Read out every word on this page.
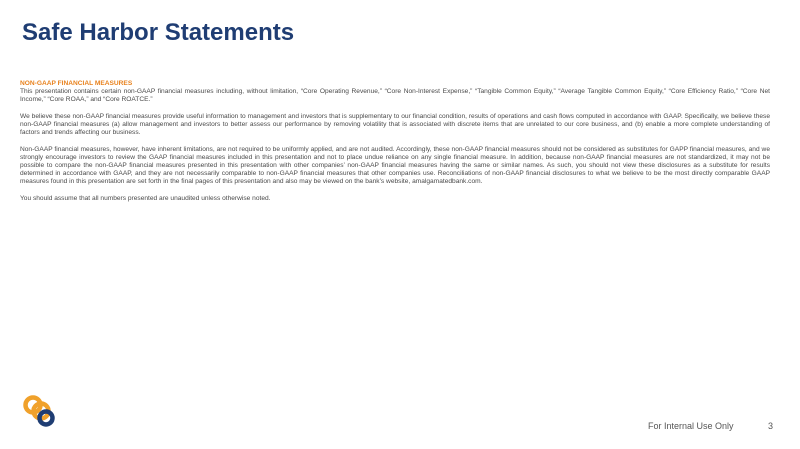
Safe Harbor Statements

NON-GAAP FINANCIAL MEASURES
This presentation contains certain non-GAAP financial measures including, without limitation, “Core Operating Revenue,” “Core Non-Interest Expense,” “Tangible Common Equity,” “Average Tangible Common Equity,” “Core Efficiency Ratio,” “Core Net Income,” “Core ROAA,” and “Core ROATCE.”

We believe these non-GAAP financial measures provide useful information to management and investors that is supplementary to our financial condition, results of operations and cash flows computed in accordance with GAAP. Specifically, we believe these non-GAAP financial measures (a) allow management and investors to better assess our performance by removing volatility that is associated with discrete items that are unrelated to our core business, and (b) enable a more complete understanding of factors and trends affecting our business.

Non-GAAP financial measures, however, have inherent limitations, are not required to be uniformly applied, and are not audited. Accordingly, these non-GAAP financial measures should not be considered as substitutes for GAPP financial measures, and we strongly encourage investors to review the GAAP financial measures included in this presentation and not to place undue reliance on any single financial measure. In addition, because non-GAAP financial measures are not standardized, it may not be possible to compare the non-GAAP financial measures presented in this presentation with other companies’ non-GAAP financial measures having the same or similar names. As such, you should not view these disclosures as a substitute for results determined in accordance with GAAP, and they are not necessarily comparable to non-GAAP financial measures that other companies use. Reconciliations of non-GAAP financial disclosures to what we believe to be the most directly comparable GAAP measures found in this presentation are set forth in the final pages of this presentation and also may be viewed on the bank’s website, amalgamatedbank.com.

You should assume that all numbers presented are unaudited unless otherwise noted.

For Internal Use Only	3
